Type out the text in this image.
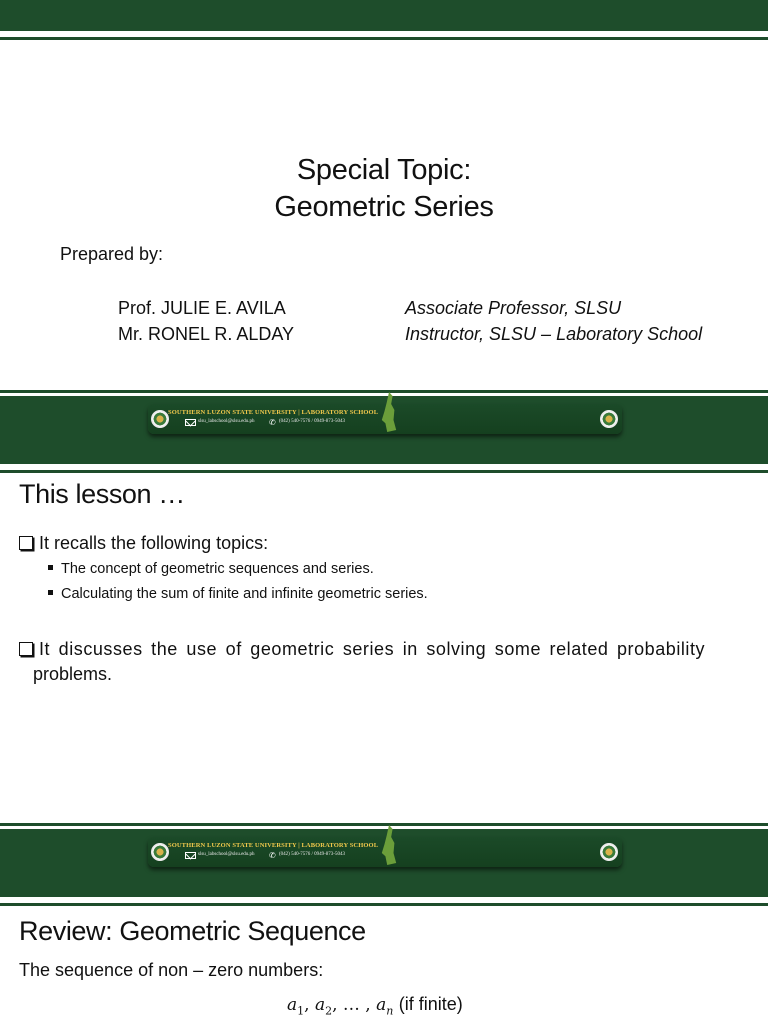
Special Topic:
Geometric Series
Prepared by:
Prof. JULIE E. AVILA
Mr. RONEL R. ALDAY
Associate Professor, SLSU
Instructor, SLSU – Laboratory School
SOUTHERN LUZON STATE UNIVERSITY | LABORATORY SCHOOL
slsu_labschool@slsu.edu.ph ✆ (042) 540-7576 / 0949-873-5043
This lesson …
It recalls the following topics:
The concept of geometric sequences and series.
Calculating the sum of finite and infinite geometric series.
It discusses the use of geometric series in solving some related probability
problems.
SOUTHERN LUZON STATE UNIVERSITY | LABORATORY SCHOOL
slsu_labschool@slsu.edu.ph ✆ (042) 540-7576 / 0949-873-5043
Review: Geometric Sequence
The sequence of non – zero numbers:
$a_1$, $a_2$, … , $a_n$ (if finite)
